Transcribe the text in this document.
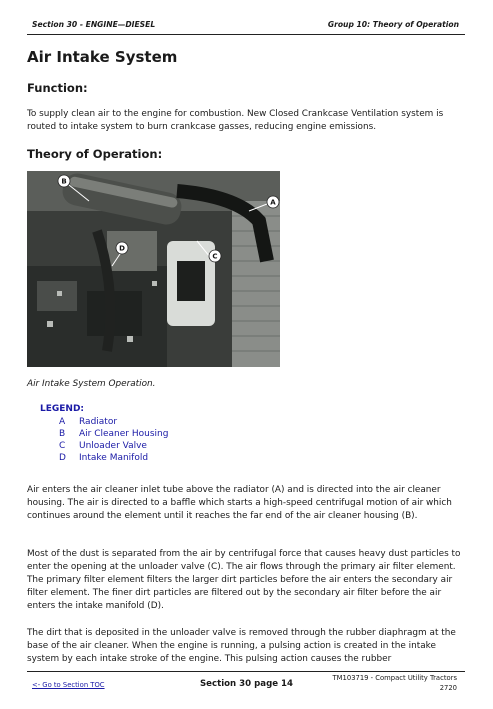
Section 30 - ENGINE—DIESEL	Group 10: Theory of Operation
Air Intake System
Function:

To supply clean air to the engine for combustion. New Closed Crankcase Ventilation system is routed to intake system to burn crankcase gasses, reducing engine emissions.

Theory of Operation:
B
A
C
D

Air Intake System Operation.

LEGEND:
A	Radiator
B	Air Cleaner Housing
C	Unloader Valve
D	Intake Manifold

Air enters the air cleaner inlet tube above the radiator (A) and is directed into the air cleaner housing. The air is directed to a baffle which starts a high-speed centrifugal motion of air which continues around the element until it reaches the far end of the air cleaner housing (B).

Most of the dust is separated from the air by centrifugal force that causes heavy dust particles to enter the opening at the unloader valve (C). The air flows through the primary air filter element. The primary filter element filters the larger dirt particles before the air enters the secondary air filter element. The finer dirt particles are filtered out by the secondary air filter before the air enters the intake manifold (D).

The dirt that is deposited in the unloader valve is removed through the rubber diaphragm at the base of the air cleaner. When the engine is running, a pulsing action is created in the intake system by each intake stroke of the engine. This pulsing action causes the rubber

<- Go to Section TOC	Section 30 page 14
TM103719 - Compact Utility Tractors
2720
